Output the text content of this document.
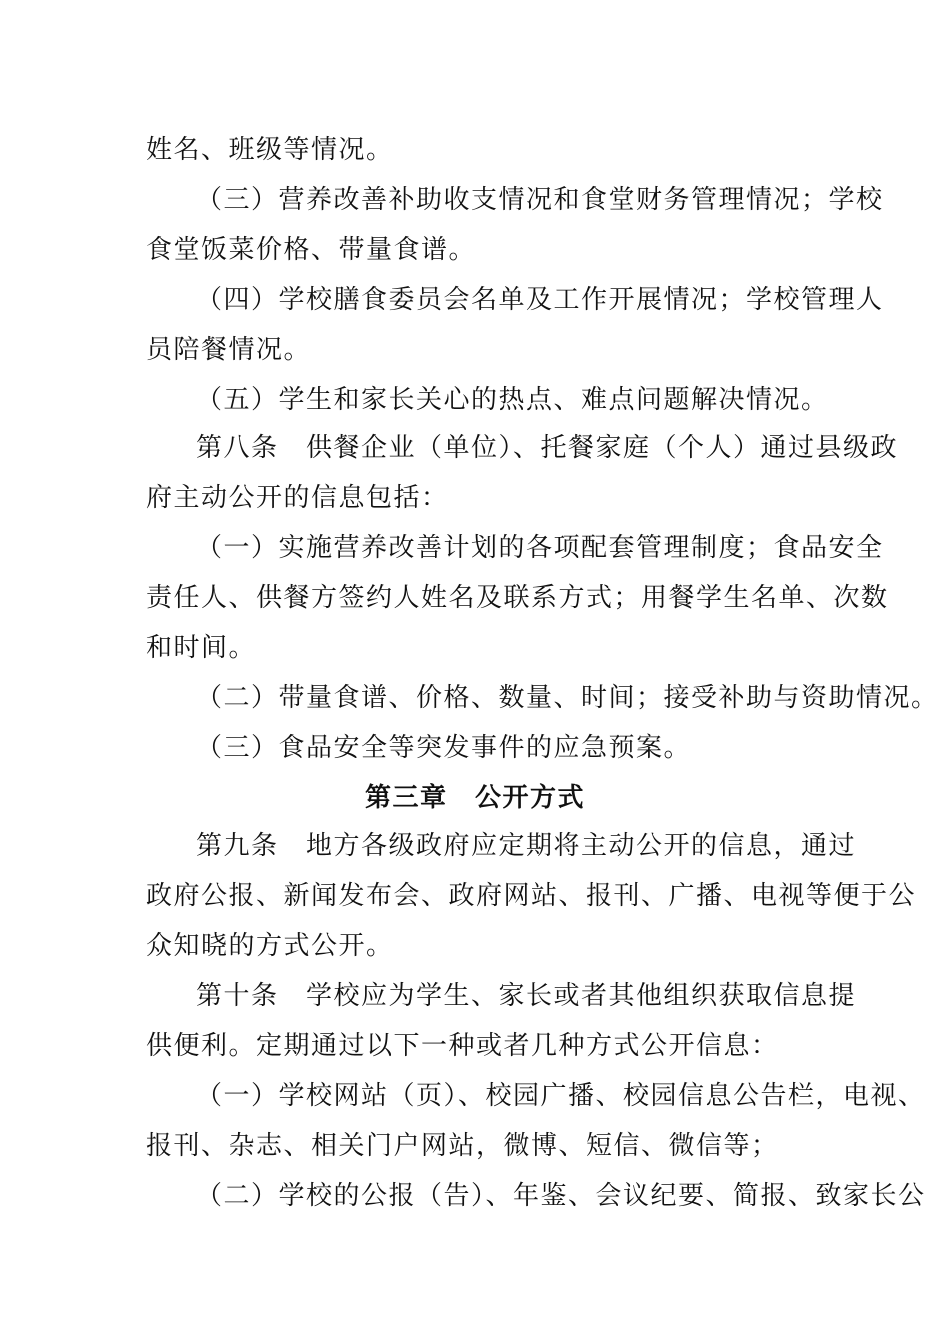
姓名、班级等情况。
（三）营养改善补助收支情况和食堂财务管理情况；学校
食堂饭菜价格、带量食谱。
（四）学校膳食委员会名单及工作开展情况；学校管理人
员陪餐情况。
（五）学生和家长关心的热点、难点问题解决情况。
第八条　供餐企业（单位）、托餐家庭（个人）通过县级政
府主动公开的信息包括：
（一）实施营养改善计划的各项配套管理制度；食品安全
责任人、供餐方签约人姓名及联系方式；用餐学生名单、次数
和时间。
（二）带量食谱、价格、数量、时间；接受补助与资助情况。
（三）食品安全等突发事件的应急预案。
第三章　公开方式
第九条　地方各级政府应定期将主动公开的信息，通过
政府公报、新闻发布会、政府网站、报刊、广播、电视等便于公
众知晓的方式公开。
第十条　学校应为学生、家长或者其他组织获取信息提
供便利。定期通过以下一种或者几种方式公开信息：
（一）学校网站（页）、校园广播、校园信息公告栏，电视、
报刊、杂志、相关门户网站，微博、短信、微信等；
（二）学校的公报（告）、年鉴、会议纪要、简报、致家长公
